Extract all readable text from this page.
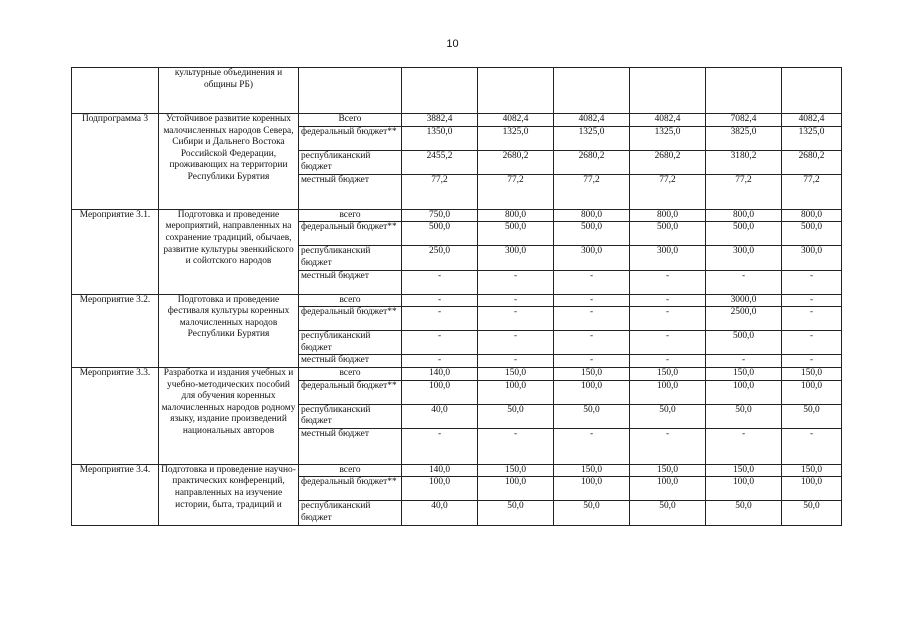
10
	культурные объединения и общины РБ)							
Подпрограмма 3	Устойчивое развитие коренных малочисленных народов Севера, Сибири и Дальнего Востока Российской Федерации, проживающих на территории Республики Бурятия	Всего	3882,4	4082,4	4082,4	4082,4	7082,4	4082,4
		федеральный бюджет**	1350,0	1325,0	1325,0	1325,0	3825,0	1325,0
		республиканский бюджет	2455,2	2680,2	2680,2	2680,2	3180,2	2680,2
		местный бюджет	77,2	77,2	77,2	77,2	77,2	77,2
Мероприятие 3.1.	Подготовка и проведение мероприятий, направленных на сохранение традиций, обычаев, развитие культуры эвенкийского и сойотского народов	всего	750,0	800,0	800,0	800,0	800,0	800,0
		федеральный бюджет**	500,0	500,0	500,0	500,0	500,0	500,0
		республиканский бюджет	250,0	300,0	300,0	300,0	300,0	300,0
		местный бюджет	-	-	-	-	-	-
Мероприятие 3.2.	Подготовка и проведение фестиваля культуры коренных малочисленных народов Республики Бурятия	всего	-	-	-	-	3000,0	-
		федеральный бюджет**	-	-	-	-	2500,0	-
		республиканский бюджет	-	-	-	-	500,0	-
		местный бюджет	-	-	-	-	-	-
Мероприятие 3.3.	Разработка и издания учебных и учебно-методических пособий для обучения коренных малочисленных народов родному языку, издание произведений национальных авторов	всего	140,0	150,0	150,0	150,0	150,0	150,0
		федеральный бюджет**	100,0	100,0	100,0	100,0	100,0	100,0
		республиканский бюджет	40,0	50,0	50,0	50,0	50,0	50,0
		местный бюджет	-	-	-	-	-	-
Мероприятие 3.4.	Подготовка и проведение научно-практических конференций, направленных на изучение истории, быта, традиций и	всего	140,0	150,0	150,0	150,0	150,0	150,0
		федеральный бюджет**	100,0	100,0	100,0	100,0	100,0	100,0
		республиканский бюджет	40,0	50,0	50,0	50,0	50,0	50,0
